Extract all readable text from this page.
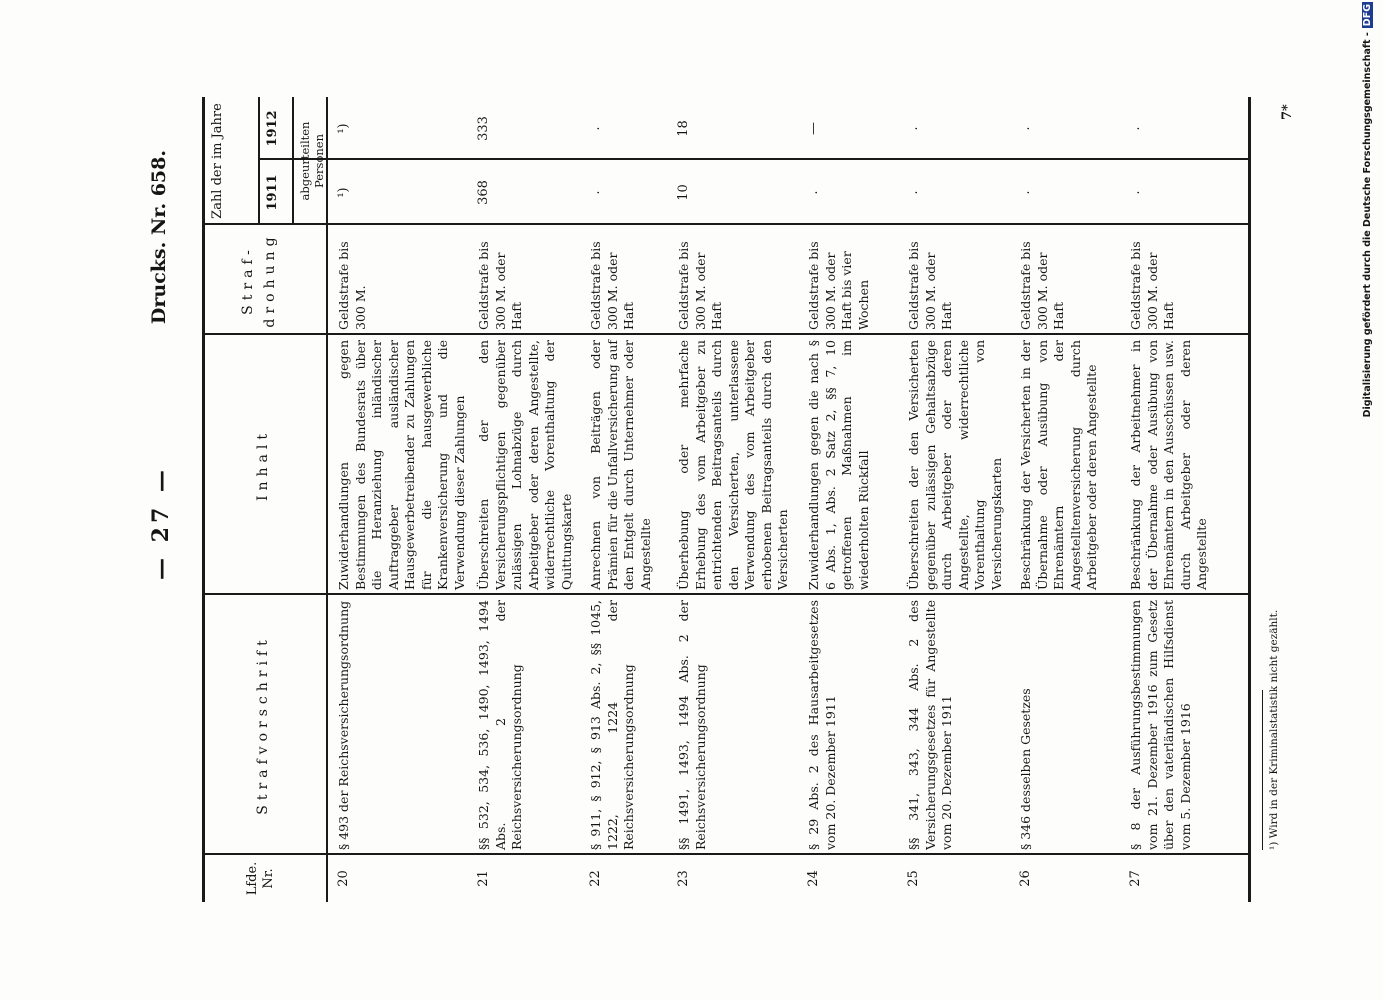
— 27 —
Drucks. Nr. 658.
Lfde. Nr.
Strafvorschrift
Inhalt
Straf- drohung
Zahl der im Jahre	1911
1912 abgeurteilten Personen
20
§ 493 der Reichsversicherungsordnung
Zuwiderhandlungen gegen Bestimmungen des Bundesrats über die Heranziehung inländischer Auftraggeber ausländischer Hausgewerbetreibender zu Zahlungen für die hausgewerbliche Krankenversicherung und die Verwendung dieser Zahlungen
Geldstrafe bis 300 M.
¹)
¹)
21
§§ 532, 534, 536, 1490, 1493, 1494 Abs. 2 der Reichsversicherungsordnung
Überschreiten der den Versicherungspflichtigen gegenüber zulässigen Lohnabzüge durch Arbeitgeber oder deren Angestellte, widerrechtliche Vorenthaltung der Quittungskarte
Geldstrafe bis 300 M. oder Haft
368
333
22
§ 911, § 912, § 913 Abs. 2, §§ 1045, 1222, 1224 der Reichsversicherungsordnung
Anrechnen von Beiträgen oder Prämien für die Unfallversicherung auf den Entgelt durch Unternehmer oder Angestellte
Geldstrafe bis 300 M. oder Haft
.
.
23
§§ 1491, 1493, 1494 Abs. 2 der Reichsversicherungsordnung
Überhebung oder mehrfache Erhebung des vom Arbeitgeber zu entrichtenden Beitragsanteils durch den Versicherten, unterlassene Verwendung des vom Arbeitgeber erhobenen Beitragsanteils durch den Versicherten
Geldstrafe bis 300 M. oder Haft
10
18
24
§ 29 Abs. 2 des Hausarbeitgesetzes vom 20. Dezember 1911
Zuwiderhandlungen gegen die nach § 6 Abs. 1, Abs. 2 Satz 2, §§ 7, 10 getroffenen Maßnahmen im wiederholten Rückfall
Geldstrafe bis 300 M. oder Haft bis vier Wochen
.
—
25
§§ 341, 343, 344 Abs. 2 des Versicherungsgesetzes für Angestellte vom 20. Dezember 1911
Überschreiten der den Versicherten gegenüber zulässigen Gehaltsabzüge durch Arbeitgeber oder deren Angestellte, widerrechtliche Vorenthaltung von Versicherungskarten
Geldstrafe bis 300 M. oder Haft
.
.
26
§ 346 desselben Gesetzes
Beschränkung der Versicherten in der Übernahme oder Ausübung von Ehrenämtern der Angestelltenversicherung durch Arbeitgeber oder deren Angestellte
Geldstrafe bis 300 M. oder Haft
.
.
27
§ 8 der Ausführungsbestimmungen vom 21. Dezember 1916 zum Gesetz über den vaterländischen Hilfsdienst vom 5. Dezember 1916
Beschränkung der Arbeitnehmer in der Übernahme oder Ausübung von Ehrenämtern in den Ausschüssen usw. durch Arbeitgeber oder deren Angestellte
Geldstrafe bis 300 M. oder Haft
.
.
¹) Wird in der Kriminalstatistik nicht gezählt.
7*	Digitalisierung gefördert durch die Deutsche Forschungsgemeinschaft -DFG
